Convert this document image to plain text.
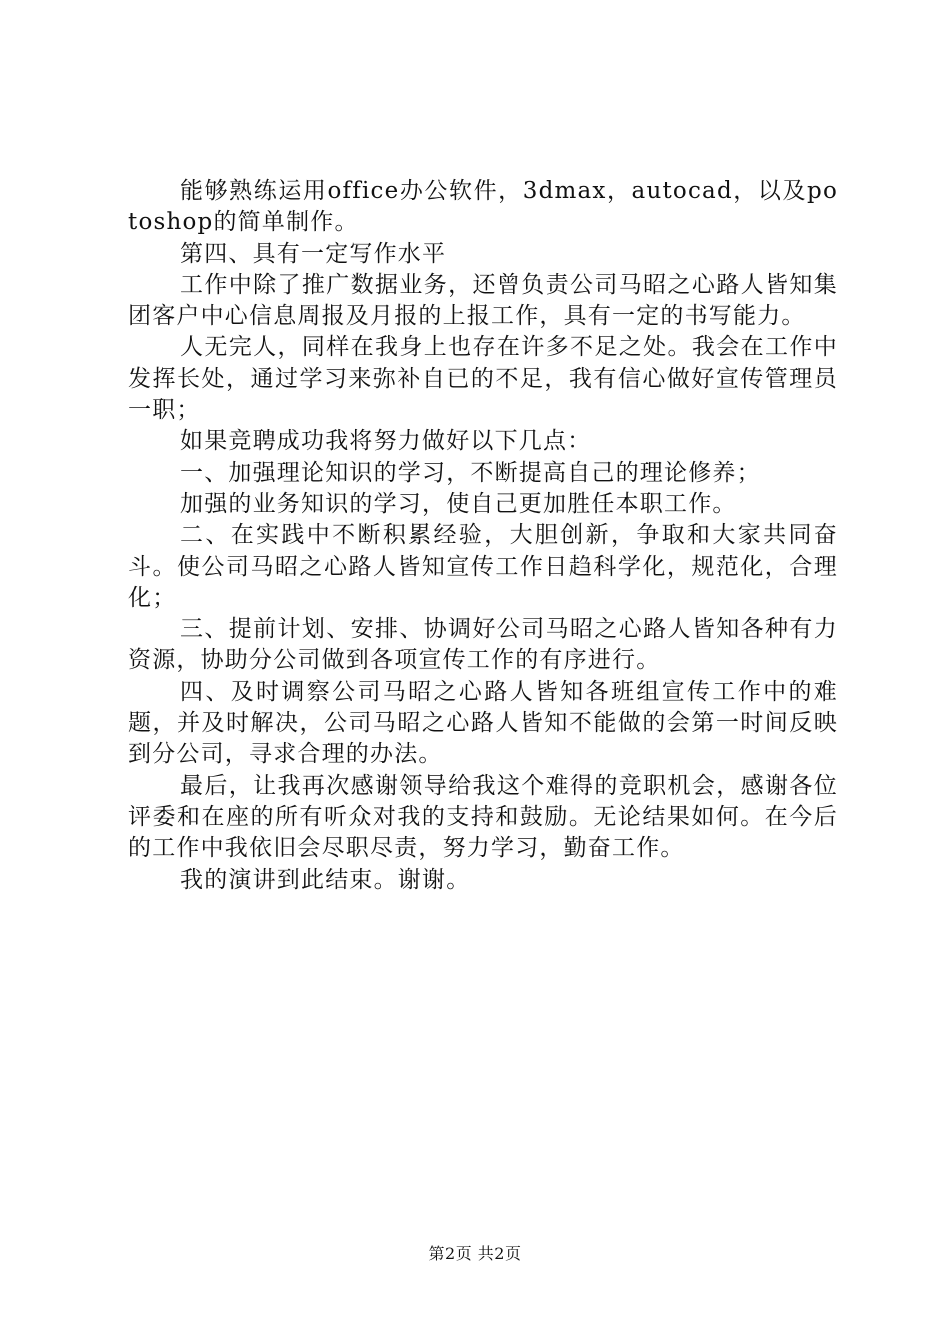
能够熟练运用office办公软件，3dmax，autocad，以及potoshop的简单制作。

第四、具有一定写作水平

工作中除了推广数据业务，还曾负责公司马昭之心路人皆知集团客户中心信息周报及月报的上报工作，具有一定的书写能力。

人无完人，同样在我身上也存在许多不足之处。我会在工作中发挥长处，通过学习来弥补自已的不足，我有信心做好宣传管理员一职；

如果竞聘成功我将努力做好以下几点：

一、加强理论知识的学习，不断提高自己的理论修养；

加强的业务知识的学习，使自己更加胜任本职工作。

二、在实践中不断积累经验，大胆创新，争取和大家共同奋斗。使公司马昭之心路人皆知宣传工作日趋科学化，规范化，合理化；

三、提前计划、安排、协调好公司马昭之心路人皆知各种有力资源，协助分公司做到各项宣传工作的有序进行。

四、及时调察公司马昭之心路人皆知各班组宣传工作中的难题，并及时解决，公司马昭之心路人皆知不能做的会第一时间反映到分公司，寻求合理的办法。

最后，让我再次感谢领导给我这个难得的竞职机会，感谢各位评委和在座的所有听众对我的支持和鼓励。无论结果如何。在今后的工作中我依旧会尽职尽责，努力学习，勤奋工作。

我的演讲到此结束。谢谢。

第2页 共2页
